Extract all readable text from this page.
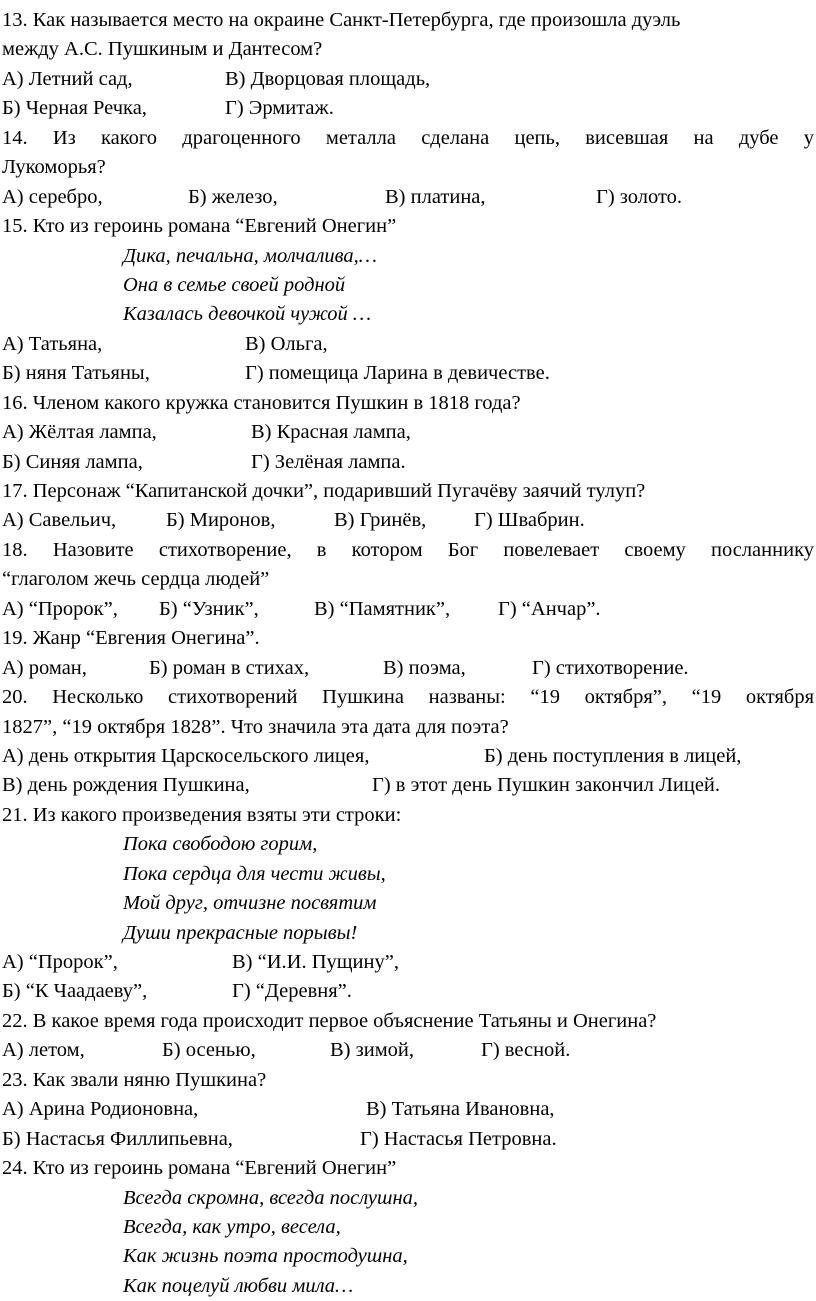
13. Как называется место на окраине Санкт-Петербурга, где произошла дуэль
между А.С. Пушкиным и Дантесом?
А) Летний сад,	В) Дворцовая площадь,
Б) Черная Речка,	Г) Эрмитаж.
14. Из какого драгоценного металла сделана цепь, висевшая на дубе у
Лукоморья?
А) серебро,	Б) железо,	В) платина,	Г) золото.
15. Кто из героинь романа “Евгений Онегин”
Дика, печальна, молчалива,…
Она в семье своей родной
Казалась девочкой чужой …
А) Татьяна,	В) Ольга,
Б) няня Татьяны,	Г) помещица Ларина в девичестве.
16. Членом какого кружка становится Пушкин в 1818 года?
А) Жёлтая лампа,	В) Красная лампа,
Б) Синяя лампа,	Г) Зелёная лампа.
17. Персонаж “Капитанской дочки”, подаривший Пугачёву заячий тулуп?
А) Савельич, Б) Миронов,	В) Гринёв, Г) Швабрин.
18. Назовите стихотворение, в котором Бог повелевает своему посланнику
“глаголом жечь сердца людей”
А) “Пророк”, Б) “Узник”,	В) “Памятник”, Г) “Анчар”.
19. Жанр “Евгения Онегина”.
А) роман,	Б) роман в стихах,	В) поэма,	Г) стихотворение.
20. Несколько стихотворений Пушкина названы: “19 октября”, “19 октября
1827”, “19 октября 1828”. Что значила эта дата для поэта?
А) день открытия Царскосельского лицея,	Б) день поступления в лицей,
В) день рождения Пушкина,	Г) в этот день Пушкин закончил Лицей.
21. Из какого произведения взяты эти строки:
Пока свободою горим,
Пока сердца для чести живы,
Мой друг, отчизне посвятим
Души прекрасные порывы!
А) “Пророк”,	В) “И.И. Пущину”,
Б) “К Чаадаеву”,	Г) “Деревня”.
22. В какое время года происходит первое объяснение Татьяны и Онегина?
А) летом,	Б) осенью,	В) зимой,	Г) весной.
23. Как звали няню Пушкина?
А) Арина Родионовна,	В) Татьяна Ивановна,
Б) Настасья Филлипьевна,	Г) Настасья Петровна.
24. Кто из героинь романа “Евгений Онегин”
Всегда скромна, всегда послушна,
Всегда, как утро, весела,
Как жизнь поэта простодушна,
Как поцелуй любви мила…
